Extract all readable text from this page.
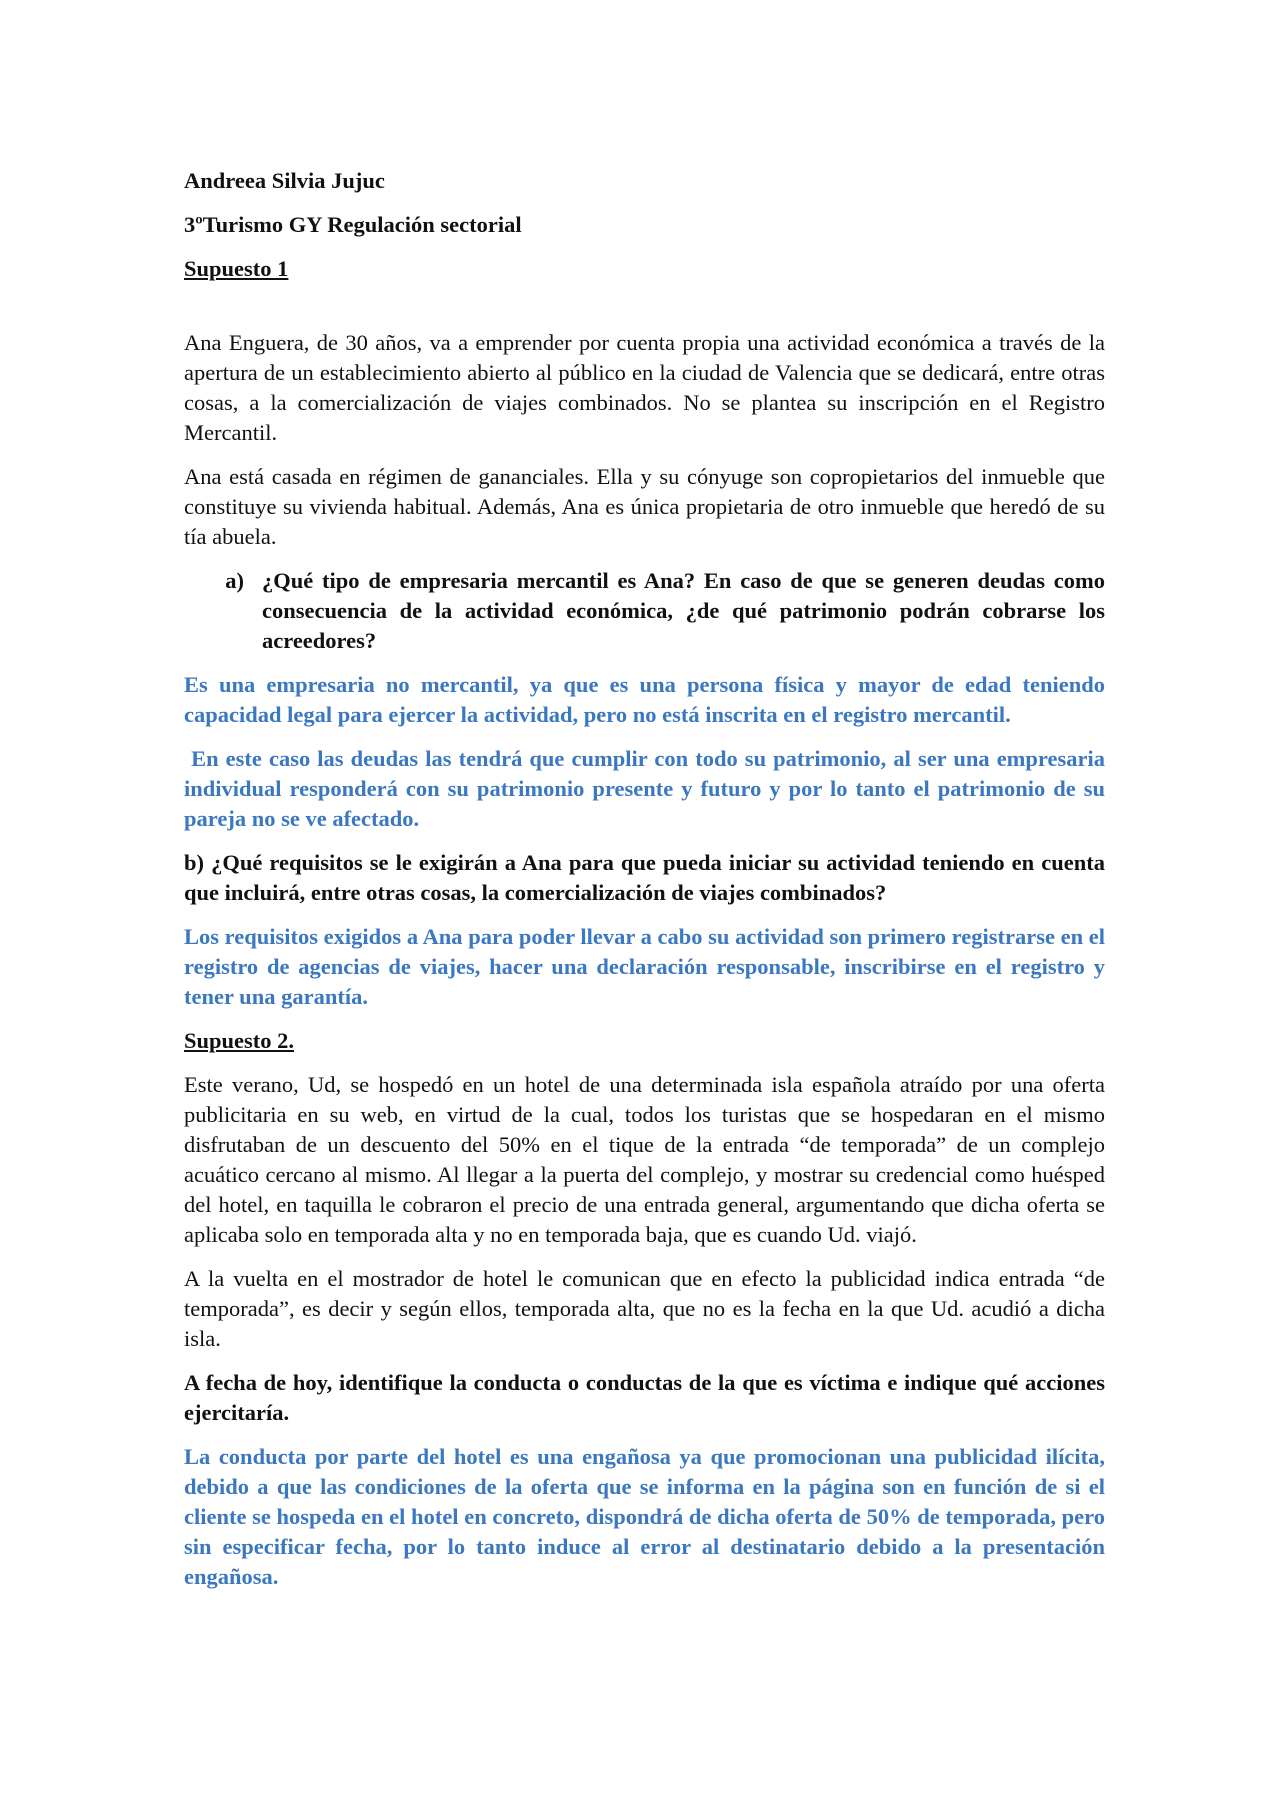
Andreea Silvia Jujuc

3ºTurismo GY Regulación sectorial

Supuesto 1

Ana Enguera, de 30 años, va a emprender por cuenta propia una actividad económica a través de la apertura de un establecimiento abierto al público en la ciudad de Valencia que se dedicará, entre otras cosas, a la comercialización de viajes combinados. No se plantea su inscripción en el Registro Mercantil.

Ana está casada en régimen de gananciales. Ella y su cónyuge son copropietarios del inmueble que constituye su vivienda habitual. Además, Ana es única propietaria de otro inmueble que heredó de su tía abuela.

a) ¿Qué tipo de empresaria mercantil es Ana? En caso de que se generen deudas como consecuencia de la actividad económica, ¿de qué patrimonio podrán cobrarse los acreedores?

Es una empresaria no mercantil, ya que es una persona física y mayor de edad teniendo capacidad legal para ejercer la actividad, pero no está inscrita en el registro mercantil.

En este caso las deudas las tendrá que cumplir con todo su patrimonio, al ser una empresaria individual responderá con su patrimonio presente y futuro y por lo tanto el patrimonio de su pareja no se ve afectado.

b) ¿Qué requisitos se le exigirán a Ana para que pueda iniciar su actividad teniendo en cuenta que incluirá, entre otras cosas, la comercialización de viajes combinados?

Los requisitos exigidos a Ana para poder llevar a cabo su actividad son primero registrarse en el registro de agencias de viajes, hacer una declaración responsable, inscribirse en el registro y tener una garantía.

Supuesto 2.

Este verano, Ud, se hospedó en un hotel de una determinada isla española atraído por una oferta publicitaria en su web, en virtud de la cual, todos los turistas que se hospedaran en el mismo disfrutaban de un descuento del 50% en el tique de la entrada “de temporada” de un complejo acuático cercano al mismo. Al llegar a la puerta del complejo, y mostrar su credencial como huésped del hotel, en taquilla le cobraron el precio de una entrada general, argumentando que dicha oferta se aplicaba solo en temporada alta y no en temporada baja, que es cuando Ud. viajó.

A la vuelta en el mostrador de hotel le comunican que en efecto la publicidad indica entrada “de temporada”, es decir y según ellos, temporada alta, que no es la fecha en la que Ud. acudió a dicha isla.

A fecha de hoy, identifique la conducta o conductas de la que es víctima e indique qué acciones ejercitaría.

La conducta por parte del hotel es una engañosa ya que promocionan una publicidad ilícita, debido a que las condiciones de la oferta que se informa en la página son en función de si el cliente se hospeda en el hotel en concreto, dispondrá de dicha oferta de 50% de temporada, pero sin especificar fecha, por lo tanto induce al error al destinatario debido a la presentación engañosa.
